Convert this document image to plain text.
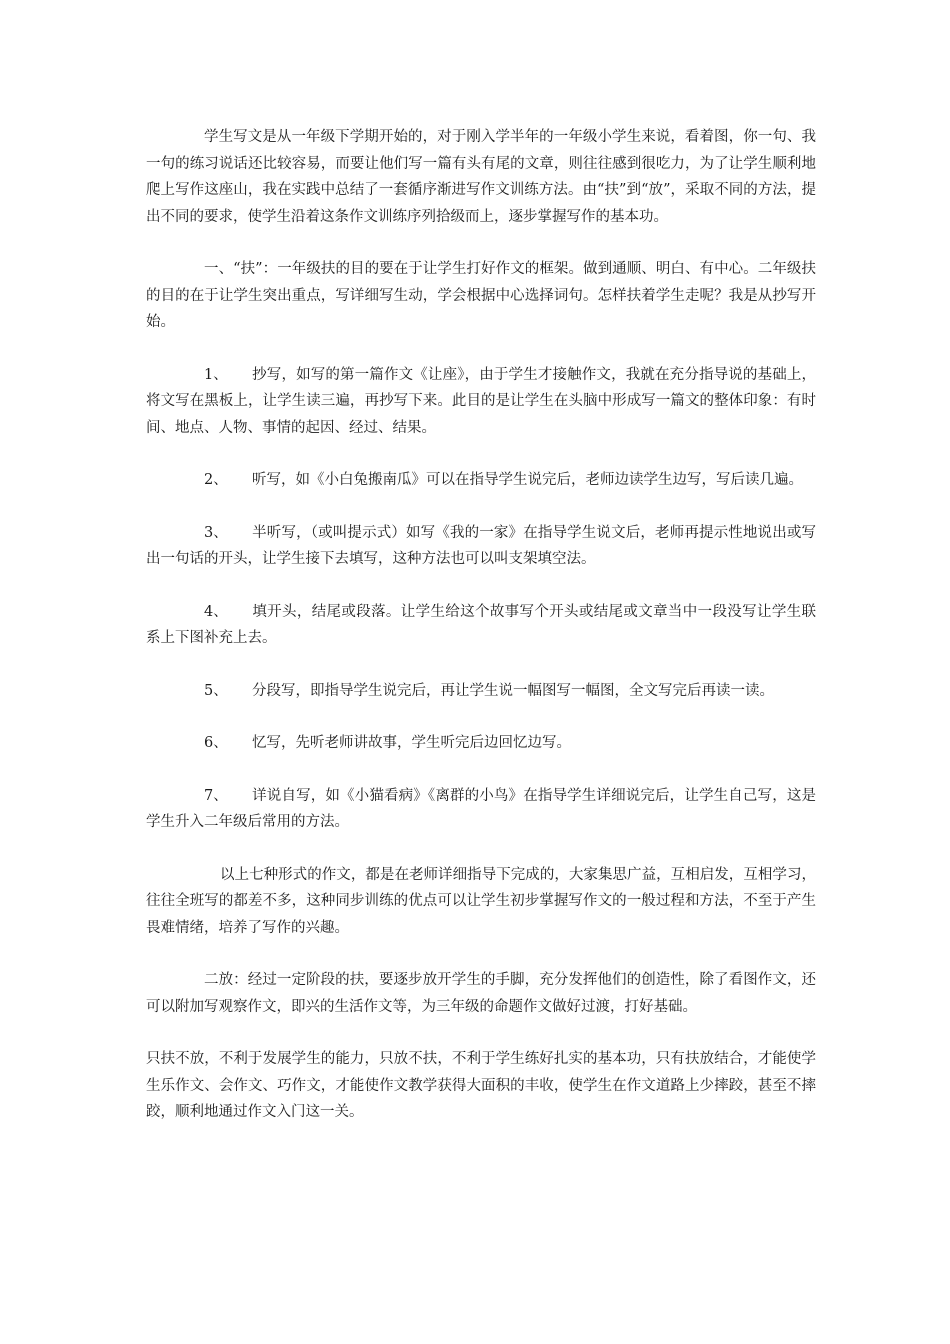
学生写文是从一年级下学期开始的，对于刚入学半年的一年级小学生来说，看着图，你一句、我一句的练习说话还比较容易，而要让他们写一篇有头有尾的文章，则往往感到很吃力，为了让学生顺利地爬上写作这座山，我在实践中总结了一套循序渐进写作文训练方法。由“扶”到“放”，采取不同的方法，提出不同的要求，使学生沿着这条作文训练序列拾级而上，逐步掌握写作的基本功。

一、“扶”：一年级扶的目的要在于让学生打好作文的框架。做到通顺、明白、有中心。二年级扶的目的在于让学生突出重点，写详细写生动，学会根据中心选择词句。怎样扶着学生走呢？我是从抄写开始。

1、 抄写，如写的第一篇作文《让座》，由于学生才接触作文，我就在充分指导说的基础上，将文写在黑板上，让学生读三遍，再抄写下来。此目的是让学生在头脑中形成写一篇文的整体印象：有时间、地点、人物、事情的起因、经过、结果。
2、 听写，如《小白兔搬南瓜》可以在指导学生说完后，老师边读学生边写，写后读几遍。
3、 半听写，（或叫提示式）如写《我的一家》在指导学生说文后，老师再提示性地说出或写出一句话的开头，让学生接下去填写，这种方法也可以叫支架填空法。
4、 填开头，结尾或段落。让学生给这个故事写个开头或结尾或文章当中一段没写让学生联系上下图补充上去。
5、 分段写，即指导学生说完后，再让学生说一幅图写一幅图，全文写完后再读一读。
6、 忆写，先听老师讲故事，学生听完后边回忆边写。
7、 详说自写，如《小猫看病》《离群的小鸟》在指导学生详细说完后，让学生自己写，这是学生升入二年级后常用的方法。

以上七种形式的作文，都是在老师详细指导下完成的，大家集思广益，互相启发，互相学习，往往全班写的都差不多，这种同步训练的优点可以让学生初步掌握写作文的一般过程和方法，不至于产生畏难情绪，培养了写作的兴趣。

二放：经过一定阶段的扶，要逐步放开学生的手脚，充分发挥他们的创造性，除了看图作文，还可以附加写观察作文，即兴的生活作文等，为三年级的命题作文做好过渡，打好基础。

只扶不放，不利于发展学生的能力，只放不扶，不利于学生练好扎实的基本功，只有扶放结合，才能使学生乐作文、会作文、巧作文，才能使作文教学获得大面积的丰收，使学生在作文道路上少摔跤，甚至不摔跤，顺利地通过作文入门这一关。
